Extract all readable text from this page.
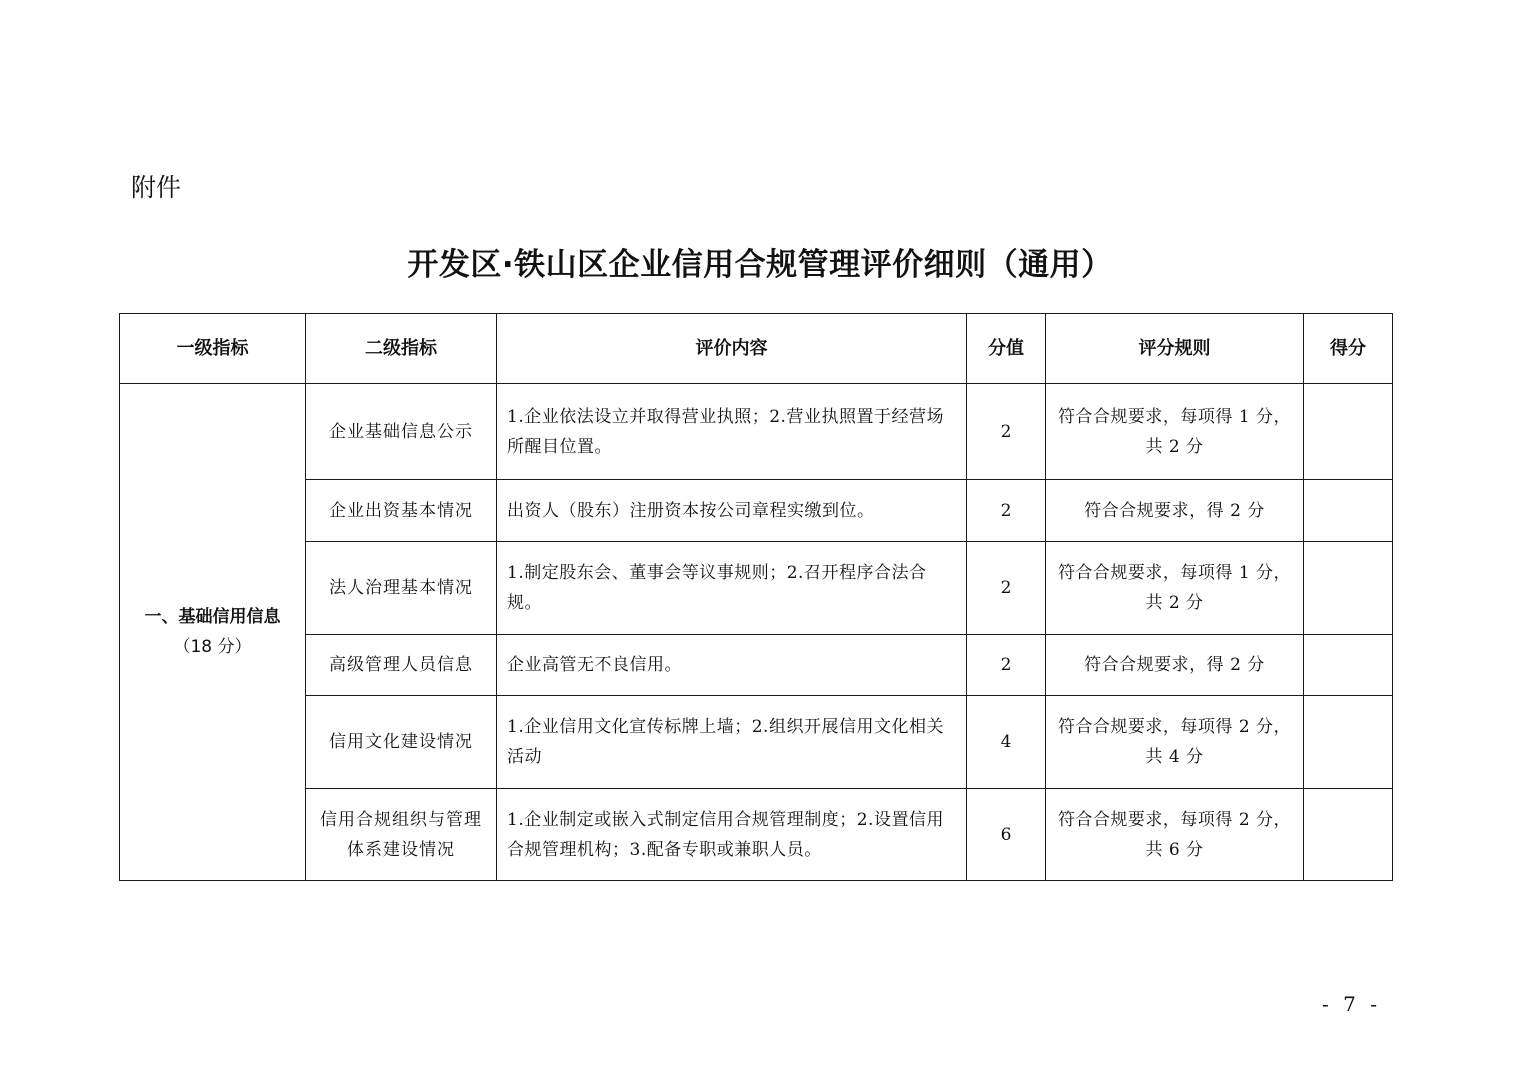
附件
开发区·铁山区企业信用合规管理评价细则（通用）
一级指标	二级指标	评价内容	分值	评分规则	得分
一、基础信用信息
（18 分）	企业基础信息公示	1.企业依法设立并取得营业执照；2.营业执照置于经营场所醒目位置。	2	符合合规要求，每项得 1 分，共 2 分	
	企业出资基本情况	出资人（股东）注册资本按公司章程实缴到位。	2	符合合规要求，得 2 分	
	法人治理基本情况	1.制定股东会、董事会等议事规则；2.召开程序合法合规。	2	符合合规要求，每项得 1 分，共 2 分	
	高级管理人员信息	企业高管无不良信用。	2	符合合规要求，得 2 分	
	信用文化建设情况	1.企业信用文化宣传标牌上墙；2.组织开展信用文化相关活动	4	符合合规要求，每项得 2 分，共 4 分	
	信用合规组织与管理体系建设情况	1.企业制定或嵌入式制定信用合规管理制度；2.设置信用合规管理机构；3.配备专职或兼职人员。	6	符合合规要求，每项得 2 分，共 6 分	
- 7 -
